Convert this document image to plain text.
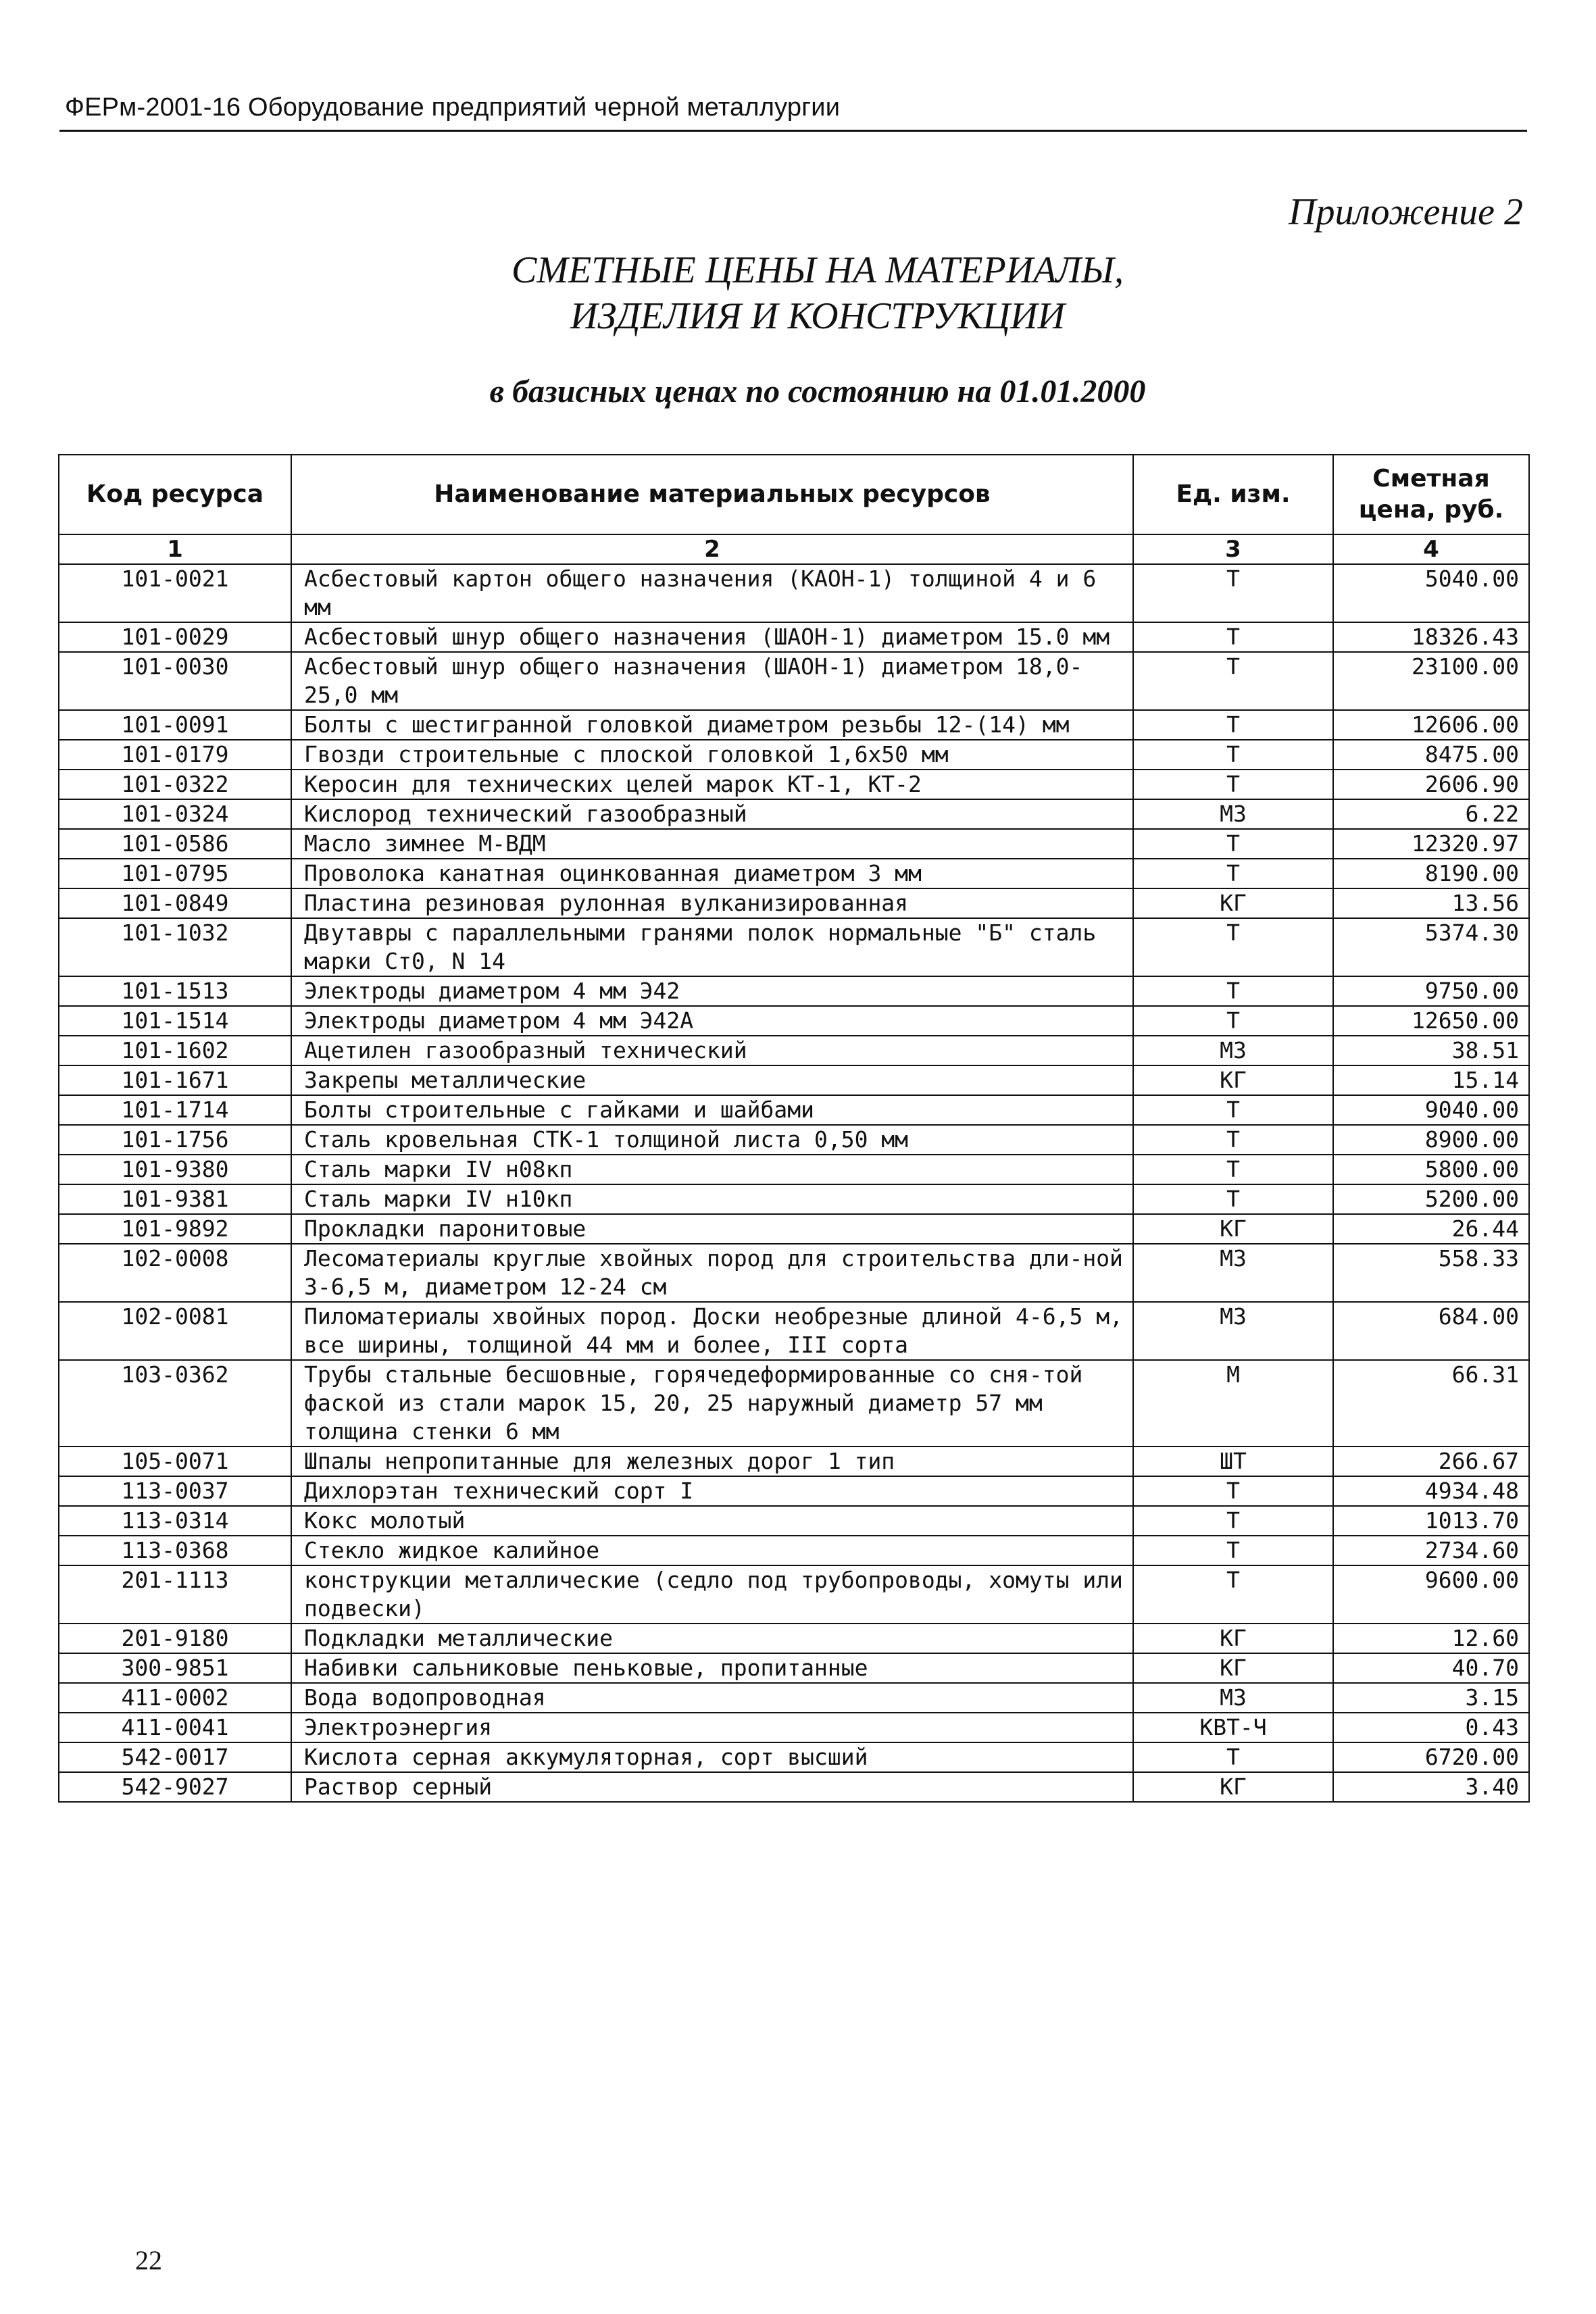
ФЕРм-2001-16 Оборудование предприятий черной металлургии
Приложение 2
СМЕТНЫЕ ЦЕНЫ НА МАТЕРИАЛЫ,
ИЗДЕЛИЯ И КОНСТРУКЦИИ
в базисных ценах по состоянию на 01.01.2000
Код ресурса	Наименование материальных ресурсов	Ед. изм.	Сметная цена, руб.
1	2	3	4
101-0021	Асбестовый картон общего назначения (КАОН-1) толщиной 4 и 6 мм	Т	5040.00
101-0029	Асбестовый шнур общего назначения (ШАОН-1) диаметром 15.0 мм	Т	18326.43
101-0030	Асбестовый шнур общего назначения (ШАОН-1) диаметром 18,0-25,0 мм	Т	23100.00
101-0091	Болты с шестигранной головкой диаметром резьбы 12-(14) мм	Т	12606.00
101-0179	Гвозди строительные с плоской головкой 1,6х50 мм	Т	8475.00
101-0322	Керосин для технических целей марок КТ-1, КТ-2	Т	2606.90
101-0324	Кислород технический газообразный	М3	6.22
101-0586	Масло зимнее М-ВДМ	Т	12320.97
101-0795	Проволока канатная оцинкованная диаметром 3 мм	Т	8190.00
101-0849	Пластина резиновая рулонная вулканизированная	КГ	13.56
101-1032	Двутавры с параллельными гранями полок нормальные "Б" сталь марки Ст0, N 14	Т	5374.30
101-1513	Электроды диаметром 4 мм Э42	Т	9750.00
101-1514	Электроды диаметром 4 мм Э42А	Т	12650.00
101-1602	Ацетилен газообразный технический	М3	38.51
101-1671	Закрепы металлические	КГ	15.14
101-1714	Болты строительные с гайками и шайбами	Т	9040.00
101-1756	Сталь кровельная СТК-1 толщиной листа 0,50 мм	Т	8900.00
101-9380	Сталь марки IV н08кп	Т	5800.00
101-9381	Сталь марки IV н10кп	Т	5200.00
101-9892	Прокладки паронитовые	КГ	26.44
102-0008	Лесоматериалы круглые хвойных пород для строительства дли-ной 3-6,5 м, диаметром 12-24 см	М3	558.33
102-0081	Пиломатериалы хвойных пород. Доски необрезные длиной 4-6,5 м, все ширины, толщиной 44 мм и более, III сорта	М3	684.00
103-0362	Трубы стальные бесшовные, горячедеформированные со сня-той фаской из стали марок 15, 20, 25 наружный диаметр 57 мм толщина стенки 6 мм	М	66.31
105-0071	Шпалы непропитанные для железных дорог 1 тип	ШТ	266.67
113-0037	Дихлорэтан технический сорт I	Т	4934.48
113-0314	Кокс молотый	Т	1013.70
113-0368	Стекло жидкое калийное	Т	2734.60
201-1113	конструкции металлические (седло под трубопроводы, хомуты или подвески)	Т	9600.00
201-9180	Подкладки металлические	КГ	12.60
300-9851	Набивки сальниковые пеньковые, пропитанные	КГ	40.70
411-0002	Вода водопроводная	М3	3.15
411-0041	Электроэнергия	КВТ-Ч	0.43
542-0017	Кислота серная аккумуляторная, сорт высший	Т	6720.00
542-9027	Раствор серный	КГ	3.40
22
